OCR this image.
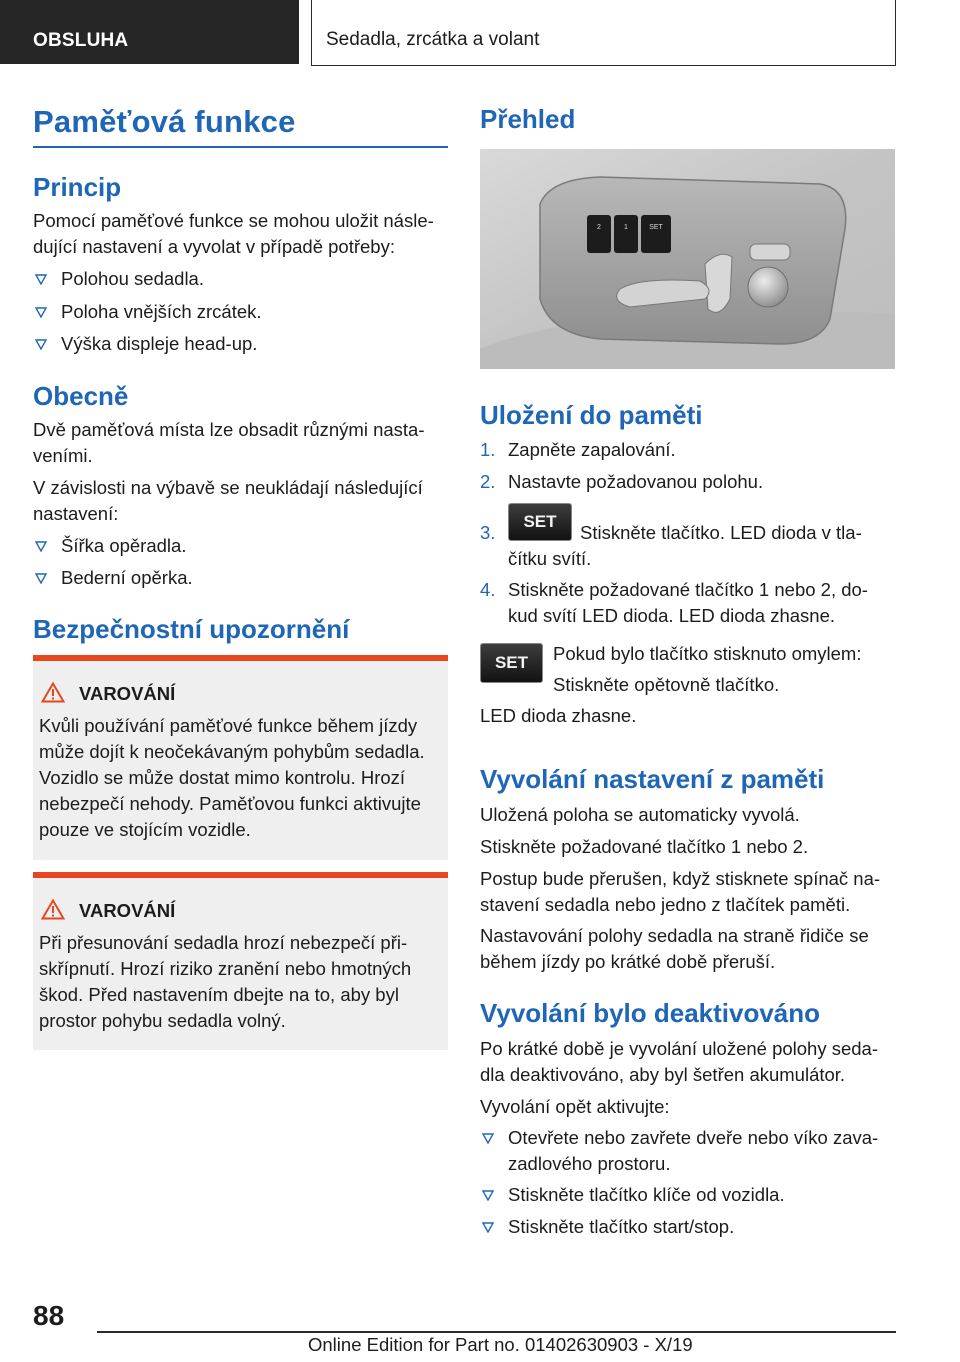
OBSLUHA	Sedadla, zrcátka a volant
Paměťová funkce
Princip
Pomocí paměťové funkce se mohou uložit násle-
dující nastavení a vyvolat v případě potřeby:
Polohou sedadla.
Poloha vnějších zrcátek.
Výška displeje head-up.
Obecně
Dvě paměťová místa lze obsadit různými nasta-
veními.
V závislosti na výbavě se neukládají následující
nastavení:
Šířka opěradla.
Bederní opěrka.
Bezpečnostní upozornění
VAROVÁNÍ
Kvůli používání paměťové funkce během jízdy
může dojít k neočekávaným pohybům sedadla.
Vozidlo se může dostat mimo kontrolu. Hrozí
nebezpečí nehody. Paměťovou funkci aktivujte
pouze ve stojícím vozidle.
VAROVÁNÍ
Při přesunování sedadla hrozí nebezpečí při-
skřípnutí. Hrozí riziko zranění nebo hmotných
škod. Před nastavením dbejte na to, aby byl
prostor pohybu sedadla volný.
Přehled
2	1	SET
Uložení do paměti
1. Zapněte zapalování.
2. Nastavte požadovanou polohu.
3.	Stiskněte tlačítko. LED dioda v tla-
SET
čítku svítí.
4. Stiskněte požadované tlačítko 1 nebo 2, do-
kud svítí LED dioda. LED dioda zhasne.
SET	Pokud bylo tlačítko stisknuto omylem:
Stiskněte opětovně tlačítko.
LED dioda zhasne.
Vyvolání nastavení z paměti
Uložená poloha se automaticky vyvolá.
Stiskněte požadované tlačítko 1 nebo 2.
Postup bude přerušen, když stisknete spínač na-
stavení sedadla nebo jedno z tlačítek paměti.
Nastavování polohy sedadla na straně řidiče se
během jízdy po krátké době přeruší.
Vyvolání bylo deaktivováno
Po krátké době je vyvolání uložené polohy seda-
dla deaktivováno, aby byl šetřen akumulátor.
Vyvolání opět aktivujte:
Otevřete nebo zavřete dveře nebo víko zava-
zadlového prostoru.
Stiskněte tlačítko klíče od vozidla.
Stiskněte tlačítko start/stop.
88
Online Edition for Part no. 01402630903 - X/19
